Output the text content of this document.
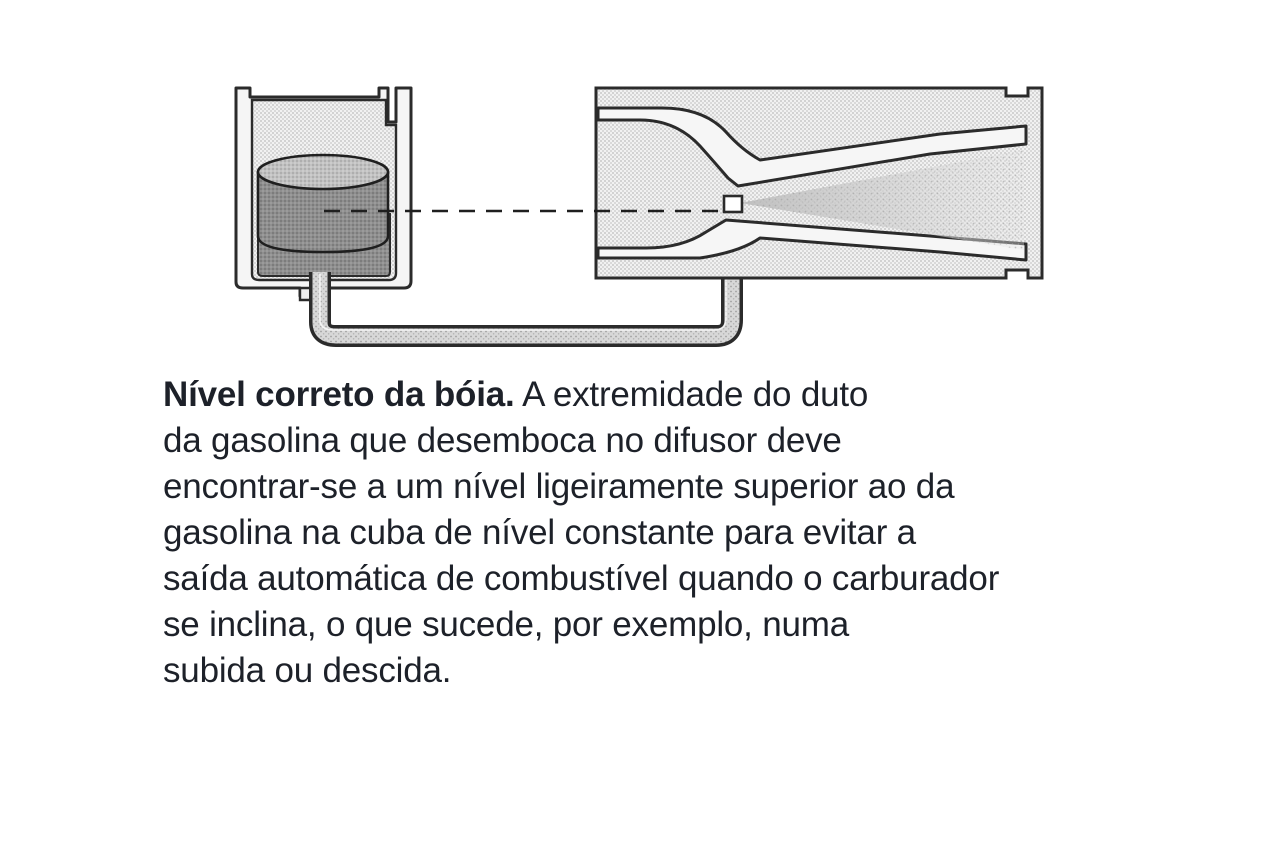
Nível correto da bóia. A extremidade do duto
da gasolina que desemboca no difusor deve
encontrar-se a um nível ligeiramente superior ao da
gasolina na cuba de nível constante para evitar a
saída automática de combustível quando o carburador
se inclina, o que sucede, por exemplo, numa
subida ou descida.
